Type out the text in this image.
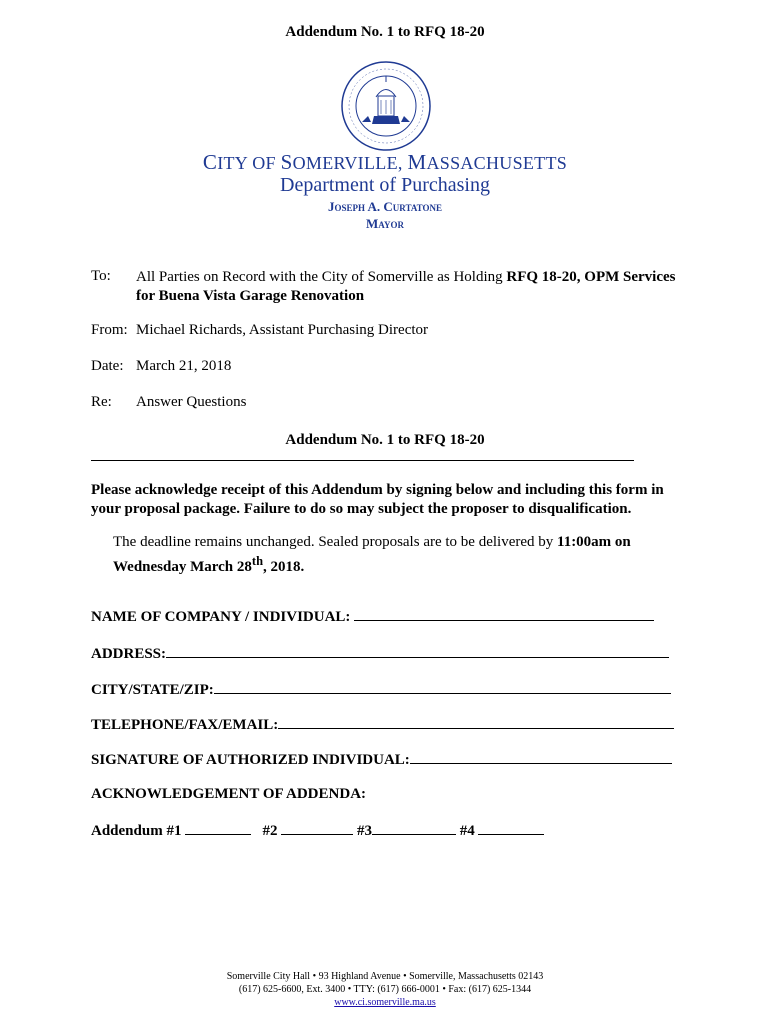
Addendum No. 1 to RFQ 18-20
CITY OF SOMERVILLE, MASSACHUSETTS
Department of Purchasing
Joseph A. Curtatone
Mayor
To: All Parties on Record with the City of Somerville as Holding RFQ 18-20, OPM Services for Buena Vista Garage Renovation
From: Michael Richards, Assistant Purchasing Director
Date: March 21, 2018
Re: Answer Questions
Addendum No. 1 to RFQ 18-20
Please acknowledge receipt of this Addendum by signing below and including this form in your proposal package. Failure to do so may subject the proposer to disqualification.
The deadline remains unchanged. Sealed proposals are to be delivered by 11:00am on Wednesday March 28th, 2018.
NAME OF COMPANY / INDIVIDUAL:
ADDRESS:
CITY/STATE/ZIP:
TELEPHONE/FAX/EMAIL:
SIGNATURE OF AUTHORIZED INDIVIDUAL:
ACKNOWLEDGEMENT OF ADDENDA:
Addendum #1	#2	#3	#4
Somerville City Hall • 93 Highland Avenue • Somerville, Massachusetts 02143
(617) 625-6600, Ext. 3400 • TTY: (617) 666-0001 • Fax: (617) 625-1344
www.ci.somerville.ma.us
